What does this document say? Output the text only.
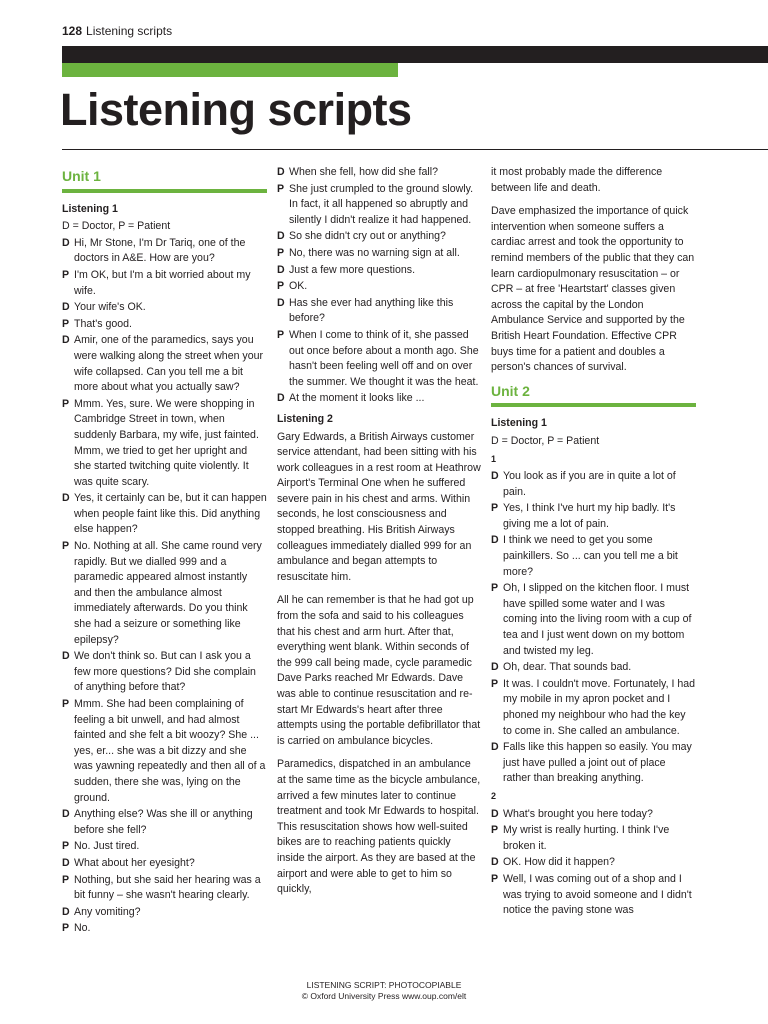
128 Listening scripts
Listening scripts
Unit 1
Listening 1
D = Doctor, P = Patient
D Hi, Mr Stone, I'm Dr Tariq, one of the doctors in A&E. How are you?
P I'm OK, but I'm a bit worried about my wife.
D Your wife's OK.
P That's good.
D Amir, one of the paramedics, says you were walking along the street when your wife collapsed. Can you tell me a bit more about what you actually saw?
P Mmm. Yes, sure. We were shopping in Cambridge Street in town, when suddenly Barbara, my wife, just fainted. Mmm, we tried to get her upright and she started twitching quite violently. It was quite scary.
D Yes, it certainly can be, but it can happen when people faint like this. Did anything else happen?
P No. Nothing at all. She came round very rapidly. But we dialled 999 and a paramedic appeared almost instantly and then the ambulance almost immediately afterwards. Do you think she had a seizure or something like epilepsy?
D We don't think so. But can I ask you a few more questions? Did she complain of anything before that?
P Mmm. She had been complaining of feeling a bit unwell, and had almost fainted and she felt a bit woozy? She ... yes, er... she was a bit dizzy and she was yawning repeatedly and then all of a sudden, there she was, lying on the ground.
D Anything else? Was she ill or anything before she fell?
P No. Just tired.
D What about her eyesight?
P Nothing, but she said her hearing was a bit funny – she wasn't hearing clearly.
D Any vomiting?
P No.
D When she fell, how did she fall?
P She just crumpled to the ground slowly. In fact, it all happened so abruptly and silently I didn't realize it had happened.
D So she didn't cry out or anything?
P No, there was no warning sign at all.
D Just a few more questions.
P OK.
D Has she ever had anything like this before?
P When I come to think of it, she passed out once before about a month ago. She hasn't been feeling well off and on over the summer. We thought it was the heat.
D At the moment it looks like ...
Listening 2

Gary Edwards, a British Airways customer service attendant, had been sitting with his work colleagues in a rest room at Heathrow Airport's Terminal One when he suffered severe pain in his chest and arms. Within seconds, he lost consciousness and stopped breathing. His British Airways colleagues immediately dialled 999 for an ambulance and began attempts to resuscitate him.

All he can remember is that he had got up from the sofa and said to his colleagues that his chest and arm hurt. After that, everything went blank. Within seconds of the 999 call being made, cycle paramedic Dave Parks reached Mr Edwards. Dave was able to continue resuscitation and re-start Mr Edwards's heart after three attempts using the portable defibrillator that is carried on ambulance bicycles.

Paramedics, dispatched in an ambulance at the same time as the bicycle ambulance, arrived a few minutes later to continue treatment and took Mr Edwards to hospital. This resuscitation shows how well-suited bikes are to reaching patients quickly inside the airport. As they are based at the airport and were able to get to him so quickly,

it most probably made the difference between life and death.

Dave emphasized the importance of quick intervention when someone suffers a cardiac arrest and took the opportunity to remind members of the public that they can learn cardiopulmonary resuscitation – or CPR – at free 'Heartstart' classes given across the capital by the London Ambulance Service and supported by the British Heart Foundation. Effective CPR buys time for a patient and doubles a person's chances of survival.

Unit 2
Listening 1
D = Doctor, P = Patient
1
D You look as if you are in quite a lot of pain.
P Yes, I think I've hurt my hip badly. It's giving me a lot of pain.
D I think we need to get you some painkillers. So ... can you tell me a bit more?
P Oh, I slipped on the kitchen floor. I must have spilled some water and I was coming into the living room with a cup of tea and I just went down on my bottom and twisted my leg.
D Oh, dear. That sounds bad.
P It was. I couldn't move. Fortunately, I had my mobile in my apron pocket and I phoned my neighbour who had the key to come in. She called an ambulance.
D Falls like this happen so easily. You may just have pulled a joint out of place rather than breaking anything.
2
D What's brought you here today?
P My wrist is really hurting. I think I've broken it.
D OK. How did it happen?
P Well, I was coming out of a shop and I was trying to avoid someone and I didn't notice the paving stone was
LISTENING SCRIPT: PHOTOCOPIABLE
© Oxford University Press www.oup.com/elt
